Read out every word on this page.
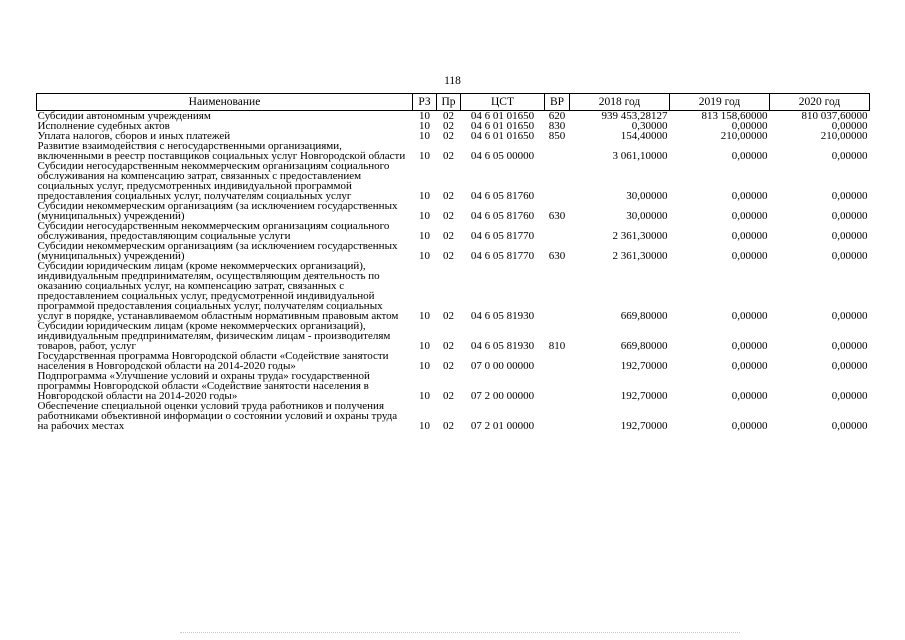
118
Наименование	РЗ	Пр	ЦСТ	ВР	2018 год	2019 год	2020 год
Субсидии автономным учреждениям	10	02	04 6 01 01650	620	939 453,28127	813 158,60000	810 037,60000
Исполнение судебных актов	10	02	04 6 01 01650	830	0,30000	0,00000	0,00000
Уплата налогов, сборов и иных платежей	10	02	04 6 01 01650	850	154,40000	210,00000	210,00000
Развитие взаимодействия с негосударственными организациями, включенными в реестр поставщиков социальных услуг Новгородской области	10	02	04 6 05 00000		3 061,10000	0,00000	0,00000
Субсидии негосударственным некоммерческим организациям социального обслуживания на компенсацию затрат, связанных с предоставлением социальных услуг, предусмотренных индивидуальной программой предоставления социальных услуг, получателям социальных услуг	10	02	04 6 05 81760		30,00000	0,00000	0,00000
Субсидии некоммерческим организациям (за исключением государственных (муниципальных) учреждений)	10	02	04 6 05 81760	630	30,00000	0,00000	0,00000
Субсидии негосударственным некоммерческим организациям социального обслуживания, предоставляющим социальные услуги	10	02	04 6 05 81770		2 361,30000	0,00000	0,00000
Субсидии некоммерческим организациям (за исключением государственных (муниципальных) учреждений)	10	02	04 6 05 81770	630	2 361,30000	0,00000	0,00000
Субсидии юридическим лицам (кроме некоммерческих организаций), индивидуальным предпринимателям, осуществляющим деятельность по оказанию социальных услуг, на компенсацию затрат, связанных с предоставлением социальных услуг, предусмотренной индивидуальной программой предоставления социальных услуг, получателям социальных услуг в порядке, устанавливаемом областным нормативным правовым актом	10	02	04 6 05 81930		669,80000	0,00000	0,00000
Субсидии юридическим лицам (кроме некоммерческих организаций), индивидуальным предпринимателям, физическим лицам - производителям товаров, работ, услуг	10	02	04 6 05 81930	810	669,80000	0,00000	0,00000
Государственная программа Новгородской области «Содействие занятости населения в Новгородской области на 2014-2020 годы»	10	02	07 0 00 00000		192,70000	0,00000	0,00000
Подпрограмма «Улучшение условий и охраны труда» государственной программы Новгородской области «Содействие занятости населения в Новгородской области на 2014-2020 годы»	10	02	07 2 00 00000		192,70000	0,00000	0,00000
Обеспечение специальной оценки условий труда работников и получения работниками объективной информации о состоянии условий и охраны труда на рабочих местах	10	02	07 2 01 00000		192,70000	0,00000	0,00000
